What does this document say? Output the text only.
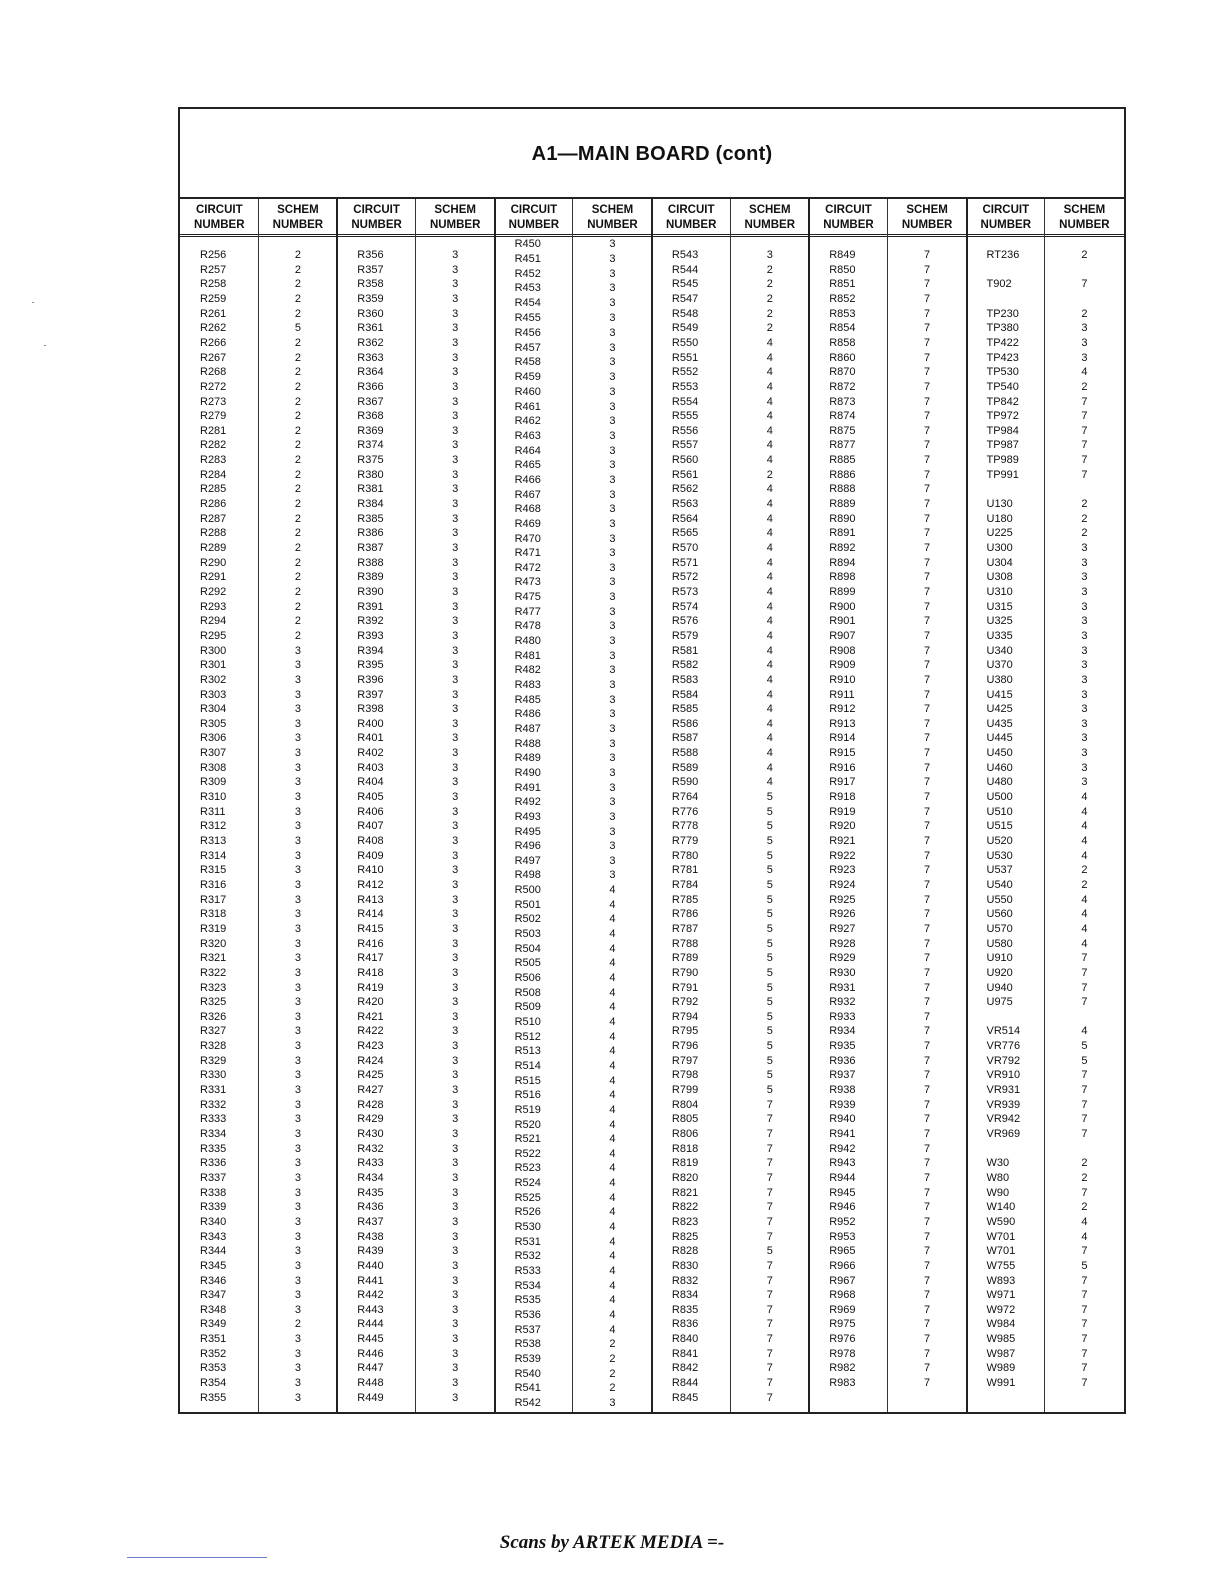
A1—MAIN BOARD (cont)
CIRCUIT
NUMBER
SCHEM
NUMBER
CIRCUIT
NUMBER
SCHEM
NUMBER
CIRCUIT
NUMBER
SCHEM
NUMBER
CIRCUIT
NUMBER
SCHEM
NUMBER
CIRCUIT
NUMBER
SCHEM
NUMBER
CIRCUIT
NUMBER
SCHEM
NUMBER
R256	2
R257	2
R258	2
R259	2
R261	2
R262	5
R266	2
R267	2
R268	2
R272	2
R273	2
R279	2
R281	2
R282	2
R283	2
R284	2
R285	2
R286	2
R287	2
R288	2
R289	2
R290	2
R291	2
R292	2
R293	2
R294	2
R295	2
R300	3
R301	3
R302	3
R303	3
R304	3
R305	3
R306	3
R307	3
R308	3
R309	3
R310	3
R311	3
R312	3
R313	3
R314	3
R315	3
R316	3
R317	3
R318	3
R319	3
R320	3
R321	3
R322	3
R323	3
R325	3
R326	3
R327	3
R328	3
R329	3
R330	3
R331	3
R332	3
R333	3
R334	3
R335	3
R336	3
R337	3
R338	3
R339	3
R340	3
R343	3
R344	3
R345	3
R346	3
R347	3
R348	3
R349	2
R351	3
R352	3
R353	3
R354	3
R355	3
R356	3
R357	3
R358	3
R359	3
R360	3
R361	3
R362	3
R363	3
R364	3
R366	3
R367	3
R368	3
R369	3
R374	3
R375	3
R380	3
R381	3
R384	3
R385	3
R386	3
R387	3
R388	3
R389	3
R390	3
R391	3
R392	3
R393	3
R394	3
R395	3
R396	3
R397	3
R398	3
R400	3
R401	3
R402	3
R403	3
R404	3
R405	3
R406	3
R407	3
R408	3
R409	3
R410	3
R412	3
R413	3
R414	3
R415	3
R416	3
R417	3
R418	3
R419	3
R420	3
R421	3
R422	3
R423	3
R424	3
R425	3
R427	3
R428	3
R429	3
R430	3
R432	3
R433	3
R434	3
R435	3
R436	3
R437	3
R438	3
R439	3
R440	3
R441	3
R442	3
R443	3
R444	3
R445	3
R446	3
R447	3
R448	3
R449	3
R450	3
R451	3
R452	3
R453	3
R454	3
R455	3
R456	3
R457	3
R458	3
R459	3
R460	3
R461	3
R462	3
R463	3
R464	3
R465	3
R466	3
R467	3
R468	3
R469	3
R470	3
R471	3
R472	3
R473	3
R475	3
R477	3
R478	3
R480	3
R481	3
R482	3
R483	3
R485	3
R486	3
R487	3
R488	3
R489	3
R490	3
R491	3
R492	3
R493	3
R495	3
R496	3
R497	3
R498	3
R500	4
R501	4
R502	4
R503	4
R504	4
R505	4
R506	4
R508	4
R509	4
R510	4
R512	4
R513	4
R514	4
R515	4
R516	4
R519	4
R520	4
R521	4
R522	4
R523	4
R524	4
R525	4
R526	4
R530	4
R531	4
R532	4
R533	4
R534	4
R535	4
R536	4
R537	4
R538	2
R539	2
R540	2
R541	2
R542	3
R543	3
R544	2
R545	2
R547	2
R548	2
R549	2
R550	4
R551	4
R552	4
R553	4
R554	4
R555	4
R556	4
R557	4
R560	4
R561	2
R562	4
R563	4
R564	4
R565	4
R570	4
R571	4
R572	4
R573	4
R574	4
R576	4
R579	4
R581	4
R582	4
R583	4
R584	4
R585	4
R586	4
R587	4
R588	4
R589	4
R590	4
R764	5
R776	5
R778	5
R779	5
R780	5
R781	5
R784	5
R785	5
R786	5
R787	5
R788	5
R789	5
R790	5
R791	5
R792	5
R794	5
R795	5
R796	5
R797	5
R798	5
R799	5
R804	7
R805	7
R806	7
R818	7
R819	7
R820	7
R821	7
R822	7
R823	7
R825	7
R828	5
R830	7
R832	7
R834	7
R835	7
R836	7
R840	7
R841	7
R842	7
R844	7
R845	7
R849	7
R850	7
R851	7
R852	7
R853	7
R854	7
R858	7
R860	7
R870	7
R872	7
R873	7
R874	7
R875	7
R877	7
R885	7
R886	7
R888	7
R889	7
R890	7
R891	7
R892	7
R894	7
R898	7
R899	7
R900	7
R901	7
R907	7
R908	7
R909	7
R910	7
R911	7
R912	7
R913	7
R914	7
R915	7
R916	7
R917	7
R918	7
R919	7
R920	7
R921	7
R922	7
R923	7
R924	7
R925	7
R926	7
R927	7
R928	7
R929	7
R930	7
R931	7
R932	7
R933	7
R934	7
R935	7
R936	7
R937	7
R938	7
R939	7
R940	7
R941	7
R942	7
R943	7
R944	7
R945	7
R946	7
R952	7
R953	7
R965	7
R966	7
R967	7
R968	7
R969	7
R975	7
R976	7
R978	7
R982	7
R983	7
RT236	2
T902	7
TP230	2
TP380	3
TP422	3
TP423	3
TP530	4
TP540	2
TP842	7
TP972	7
TP984	7
TP987	7
TP989	7
TP991	7
U130	2
U180	2
U225	2
U300	3
U304	3
U308	3
U310	3
U315	3
U325	3
U335	3
U340	3
U370	3
U380	3
U415	3
U425	3
U435	3
U445	3
U450	3
U460	3
U480	3
U500	4
U510	4
U515	4
U520	4
U530	4
U537	2
U540	2
U550	4
U560	4
U570	4
U580	4
U910	7
U920	7
U940	7
U975	7
VR514	4
VR776	5
VR792	5
VR910	7
VR931	7
VR939	7
VR942	7
VR969	7
W30	2
W80	2
W90	7
W140	2
W590	4
W701	4
W701	7
W755	5
W893	7
W971	7
W972	7
W984	7
W985	7
W987	7
W989	7
W991	7
Scans by ARTEK MEDIA =-
